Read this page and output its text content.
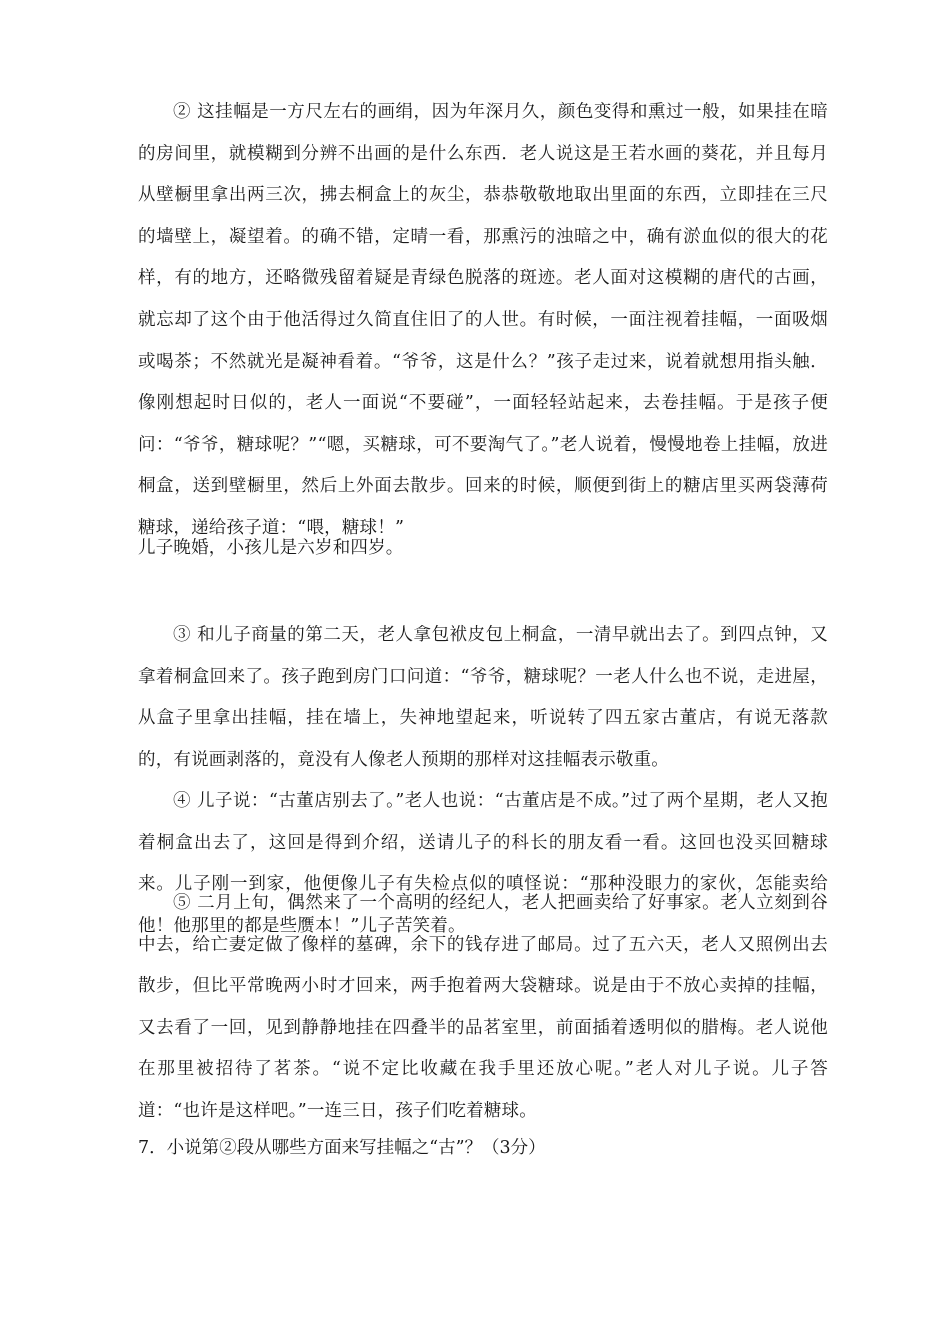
② 这挂幅是一方尺左右的画绢，因为年深月久，颜色变得和熏过一般，如果挂在暗的房间里，就模糊到分辨不出画的是什么东西．老人说这是王若水画的葵花，并且每月从壁橱里拿出两三次，拂去桐盒上的灰尘，恭恭敬敬地取出里面的东西，立即挂在三尺的墙壁上，凝望着。的确不错，定晴一看，那熏污的浊暗之中，确有淤血似的很大的花样，有的地方，还略微残留着疑是青绿色脱落的斑迹。老人面对这模糊的唐代的古画，就忘却了这个由于他活得过久简直住旧了的人世。有时候，一面注视着挂幅，一面吸烟或喝茶；不然就光是凝神看着。“爷爷，这是什么？”孩子走过来，说着就想用指头触．像刚想起时日似的，老人一面说“不要碰”，一面轻轻站起来，去卷挂幅。于是孩子便问：“爷爷，糖球呢？”“嗯，买糖球，可不要淘气了。”老人说着，慢慢地卷上挂幅，放进桐盒，送到壁橱里，然后上外面去散步。回来的时候，顺便到街上的糖店里买两袋薄荷糖球，递给孩子道：“喂，糖球！”

儿子晚婚，小孩儿是六岁和四岁。

③ 和儿子商量的第二天，老人拿包袱皮包上桐盒，一清早就出去了。到四点钟，又拿着桐盒回来了。孩子跑到房门口问道：“爷爷，糖球呢？一老人什么也不说，走进屋，从盒子里拿出挂幅，挂在墙上，失神地望起来，听说转了四五家古董店，有说无落款的，有说画剥落的，竟没有人像老人预期的那样对这挂幅表示敬重。

④ 儿子说：“古董店别去了。”老人也说：“古董店是不成。”过了两个星期，老人又抱着桐盒出去了，这回是得到介绍，送请儿子的科长的朋友看一看。这回也没买回糖球来。儿子刚一到家，他便像儿子有失检点似的嗔怪说：“那种没眼力的家伙，怎能卖给他！他那里的都是些赝本！”儿子苦笑着。

⑤ 二月上旬，偶然来了一个高明的经纪人，老人把画卖给了好事家。老人立刻到谷中去，给亡妻定做了像样的墓碑，余下的钱存进了邮局。过了五六天，老人又照例出去散步，但比平常晚两小时才回来，两手抱着两大袋糖球。说是由于不放心卖掉的挂幅，又去看了一回，见到静静地挂在四叠半的品茗室里，前面插着透明似的腊梅。老人说他在那里被招待了茗茶。“说不定比收藏在我手里还放心呢。”老人对儿子说。儿子答道：“也许是这样吧。”一连三日，孩子们吃着糖球。

7．小说第②段从哪些方面来写挂幅之“古”？（3分）
